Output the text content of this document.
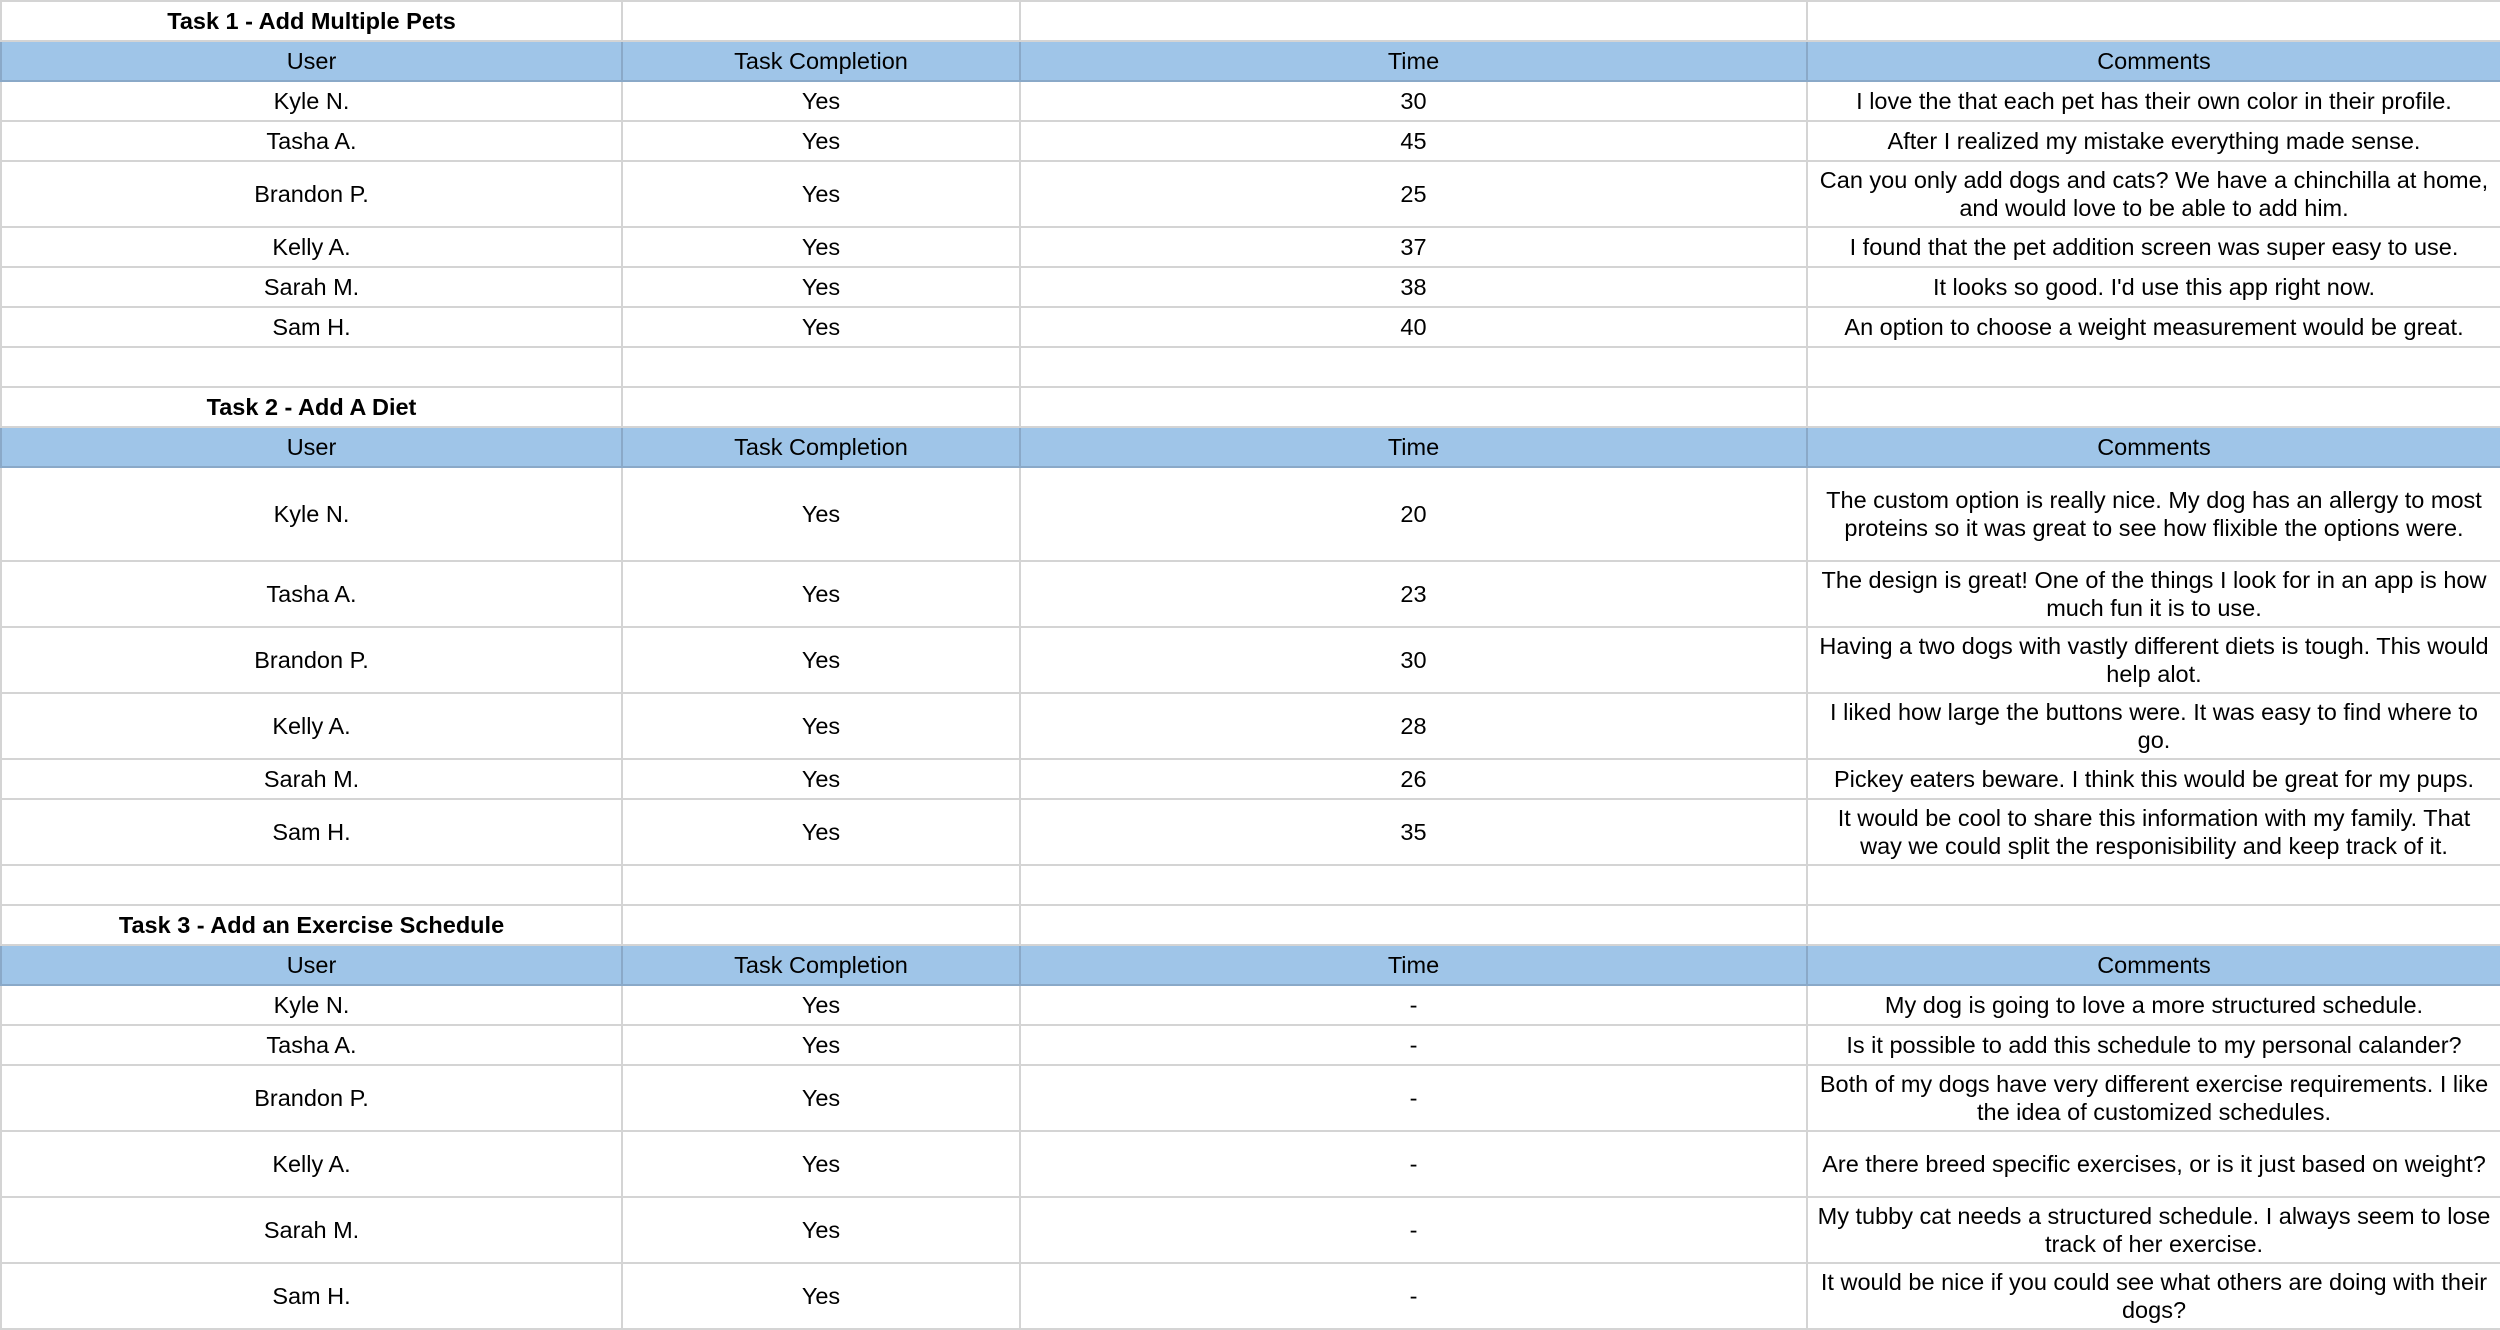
Task 1 - Add Multiple Pets			
User	Task Completion	Time	Comments
Kyle N.	Yes	30	I love the that each pet has their own color in their profile.
Tasha A.	Yes	45	After I realized my mistake everything made sense.
Brandon P.	Yes	25	Can you only add dogs and cats? We have a chinchilla at home, and would love to be able to add him.
Kelly A.	Yes	37	I found that the pet addition screen was super easy to use.
Sarah M.	Yes	38	It looks so good. I'd use this app right now.
Sam H.	Yes	40	An option to choose a weight measurement would be great.

Task 2 - Add A Diet			
User	Task Completion	Time	Comments
Kyle N.	Yes	20	The custom option is really nice. My dog has an allergy to most proteins so it was great to see how flixible the options were.
Tasha A.	Yes	23	The design is great! One of the things I look for in an app is how much fun it is to use.
Brandon P.	Yes	30	Having a two dogs with vastly different diets is tough. This would help alot.
Kelly A.	Yes	28	I liked how large the buttons were. It was easy to find where to go.
Sarah M.	Yes	26	Pickey eaters beware. I think this would be great for my pups.
Sam H.	Yes	35	It would be cool to share this information with my family. That way we could split the responisibility and keep track of it.

Task 3 - Add an Exercise Schedule			
User	Task Completion	Time	Comments
Kyle N.	Yes	-	My dog is going to love a more structured schedule.
Tasha A.	Yes	-	Is it possible to add this schedule to my personal calander?
Brandon P.	Yes	-	Both of my dogs have very different exercise requirements. I like the idea of customized schedules.
Kelly A.	Yes	-	Are there breed specific exercises, or is it just based on weight?
Sarah M.	Yes	-	My tubby cat needs a structured schedule. I always seem to lose track of her exercise.
Sam H.	Yes	-	It would be nice if you could see what others are doing with their dogs?
